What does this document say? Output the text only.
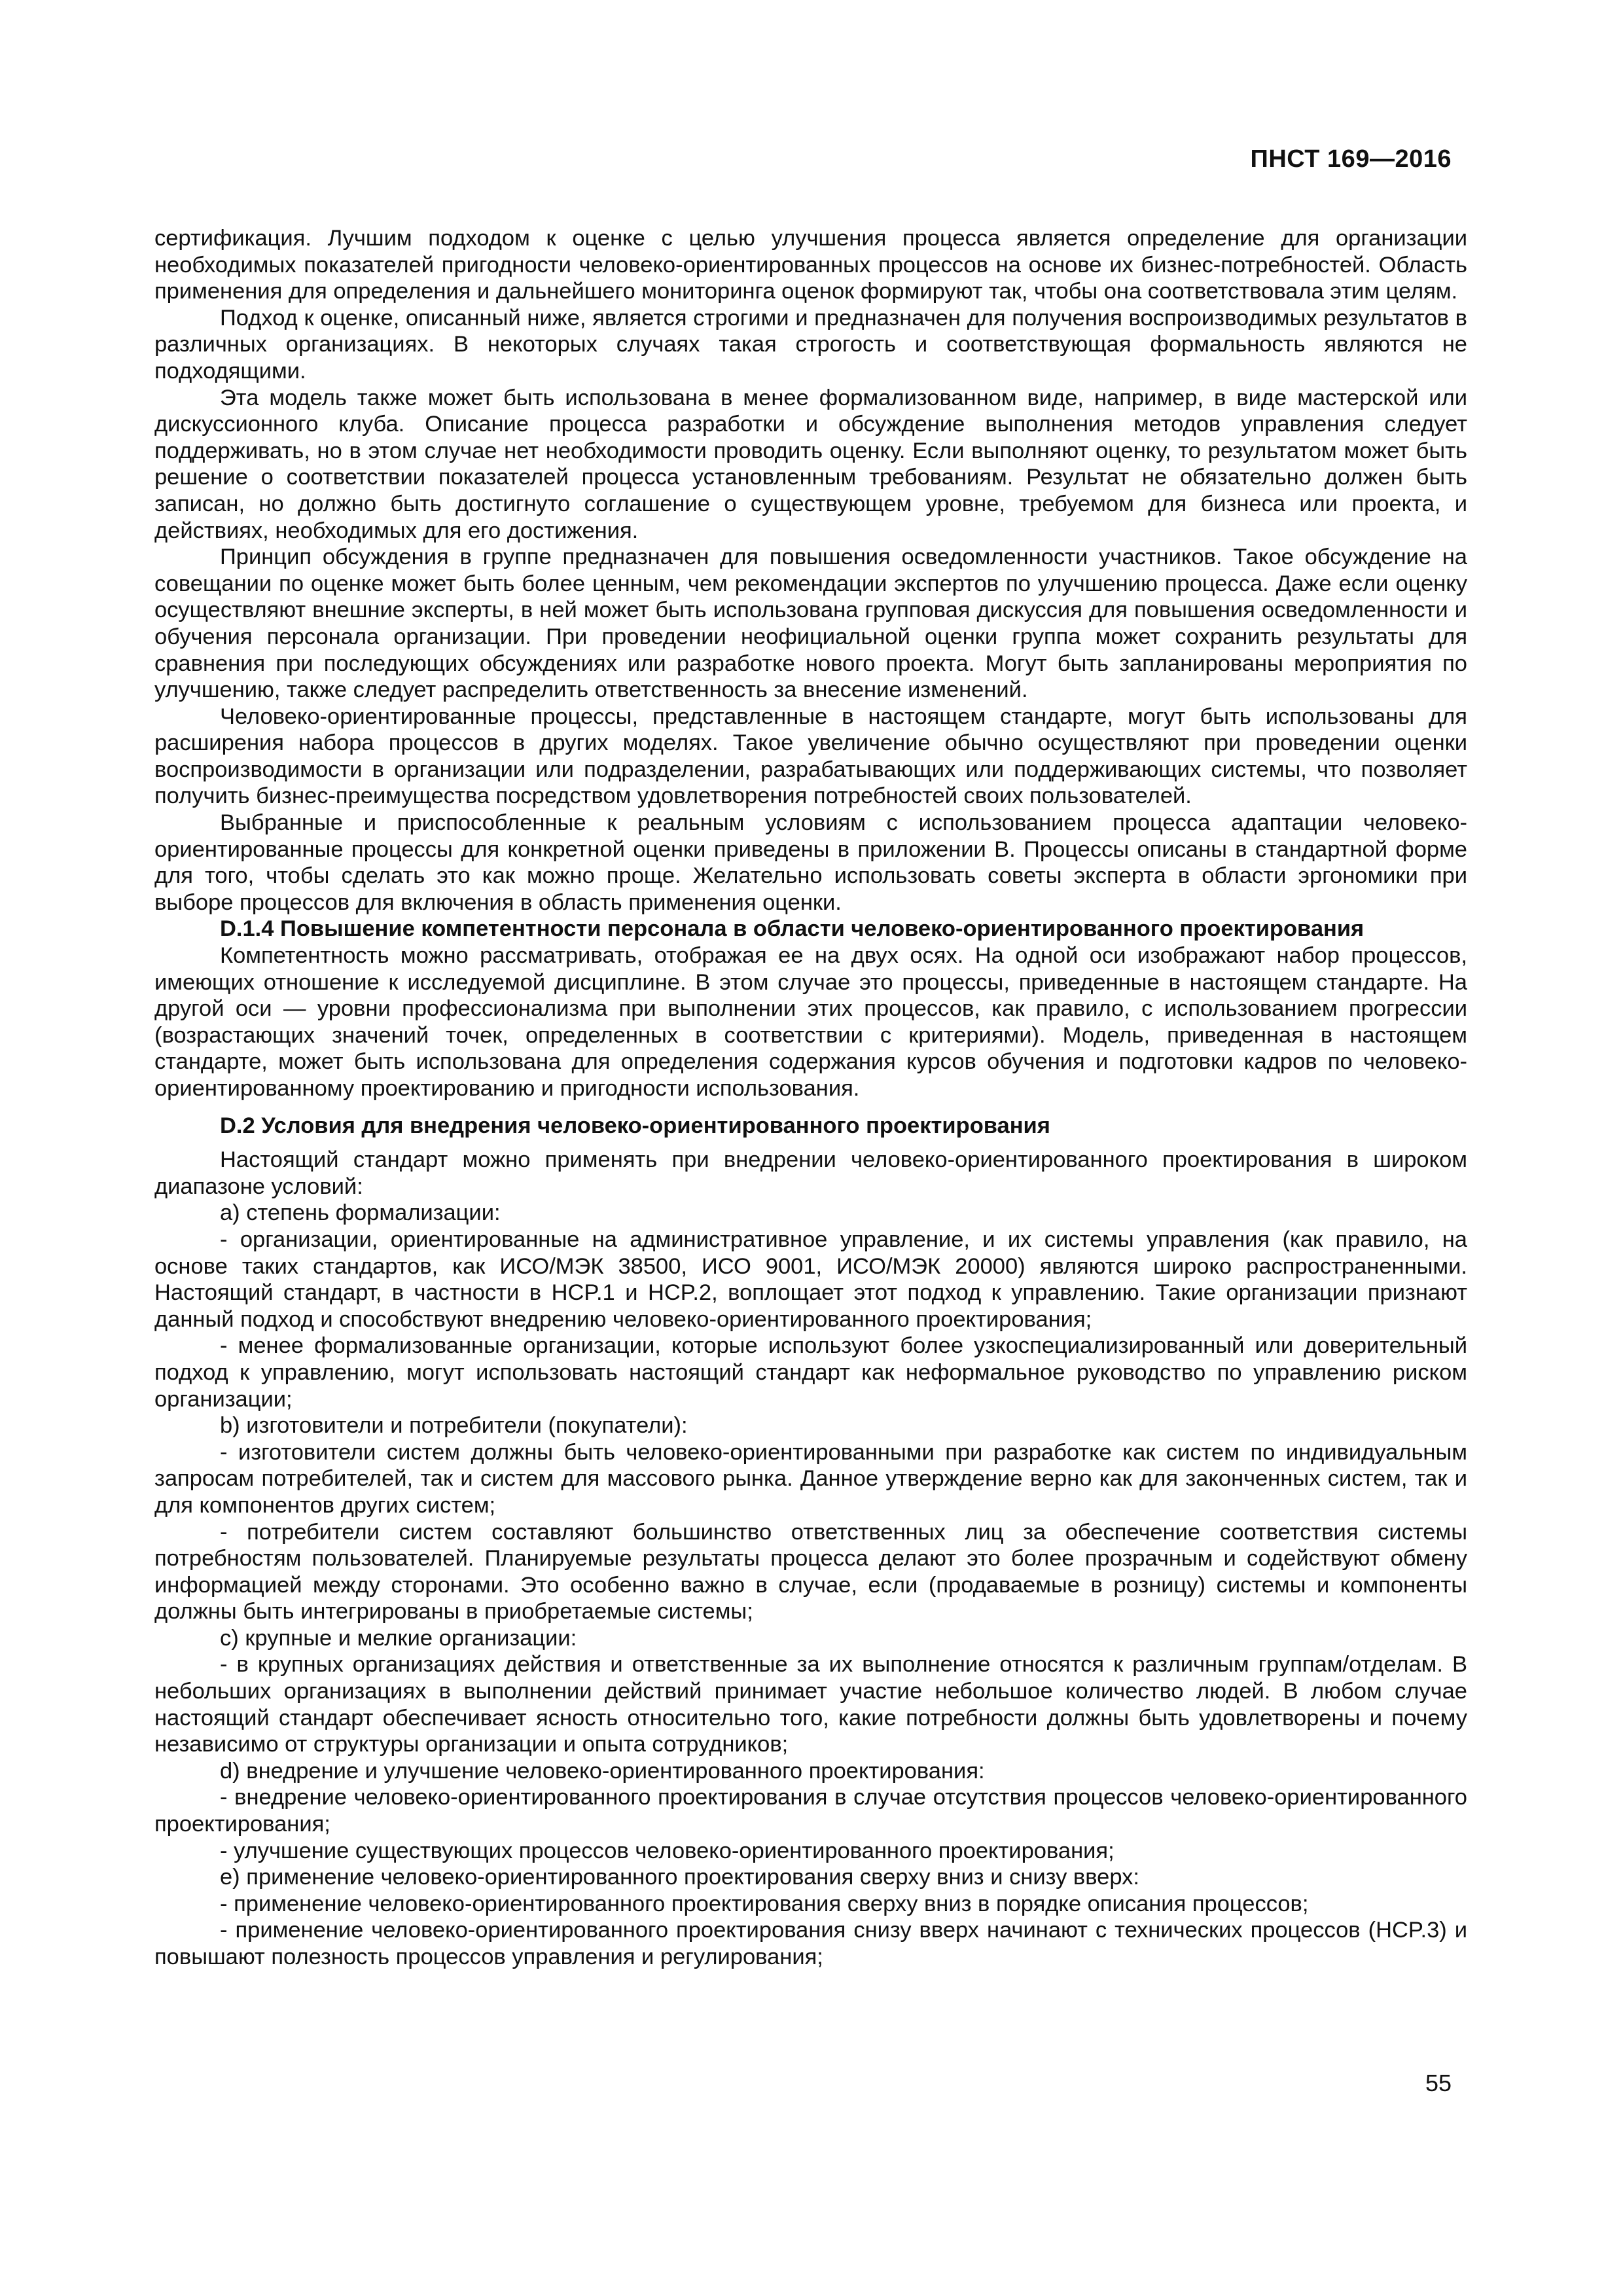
ПНСТ 169—2016

сертификация. Лучшим подходом к оценке с целью улучшения процесса является определение для организации необходимых показателей пригодности человеко-ориентированных процессов на основе их бизнес-потребностей. Область применения для определения и дальнейшего мониторинга оценок формируют так, чтобы она соответствовала этим целям.

Подход к оценке, описанный ниже, является строгими и предназначен для получения воспроизводимых результатов в различных организациях. В некоторых случаях такая строгость и соответствующая формальность являются не подходящими.

Эта модель также может быть использована в менее формализованном виде, например, в виде мастерской или дискуссионного клуба. Описание процесса разработки и обсуждение выполнения методов управления следует поддерживать, но в этом случае нет необходимости проводить оценку. Если выполняют оценку, то результатом может быть решение о соответствии показателей процесса установленным требованиям. Результат не обязательно должен быть записан, но должно быть достигнуто соглашение о существующем уровне, требуемом для бизнеса или проекта, и действиях, необходимых для его достижения.

Принцип обсуждения в группе предназначен для повышения осведомленности участников. Такое обсуждение на совещании по оценке может быть более ценным, чем рекомендации экспертов по улучшению процесса. Даже если оценку осуществляют внешние эксперты, в ней может быть использована групповая дискуссия для повышения осведомленности и обучения персонала организации. При проведении неофициальной оценки группа может сохранить результаты для сравнения при последующих обсуждениях или разработке нового проекта. Могут быть запланированы мероприятия по улучшению, также следует распределить ответственность за внесение изменений.

Человеко-ориентированные процессы, представленные в настоящем стандарте, могут быть использованы для расширения набора процессов в других моделях. Такое увеличение обычно осуществляют при проведении оценки воспроизводимости в организации или подразделении, разрабатывающих или поддерживающих системы, что позволяет получить бизнес-преимущества посредством удовлетворения потребностей своих пользователей.

Выбранные и приспособленные к реальным условиям с использованием процесса адаптации человеко-ориентированные процессы для конкретной оценки приведены в приложении В. Процессы описаны в стандартной форме для того, чтобы сделать это как можно проще. Желательно использовать советы эксперта в области эргономики при выборе процессов для включения в область применения оценки.

D.1.4 Повышение компетентности персонала в области человеко-ориентированного проектирования

Компетентность можно рассматривать, отображая ее на двух осях. На одной оси изображают набор процессов, имеющих отношение к исследуемой дисциплине. В этом случае это процессы, приведенные в настоящем стандарте. На другой оси — уровни профессионализма при выполнении этих процессов, как правило, с использованием прогрессии (возрастающих значений точек, определенных в соответствии с критериями). Модель, приведенная в настоящем стандарте, может быть использована для определения содержания курсов обучения и подготовки кадров по человеко-ориентированному проектированию и пригодности использования.

D.2 Условия для внедрения человеко-ориентированного проектирования

Настоящий стандарт можно применять при внедрении человеко-ориентированного проектирования в широком диапазоне условий:

а) степень формализации:

- организации, ориентированные на административное управление, и их системы управления (как правило, на основе таких стандартов, как ИСО/МЭК 38500, ИСО 9001, ИСО/МЭК 20000) являются широко распространенными. Настоящий стандарт, в частности в HCP.1 и HCP.2, воплощает этот подход к управлению. Такие организации признают данный подход и способствуют внедрению человеко-ориентированного проектирования;

- менее формализованные организации, которые используют более узкоспециализированный или доверительный подход к управлению, могут использовать настоящий стандарт как неформальное руководство по управлению риском организации;

b) изготовители и потребители (покупатели):

- изготовители систем должны быть человеко-ориентированными при разработке как систем по индивидуальным запросам потребителей, так и систем для массового рынка. Данное утверждение верно как для законченных систем, так и для компонентов других систем;

- потребители систем составляют большинство ответственных лиц за обеспечение соответствия системы потребностям пользователей. Планируемые результаты процесса делают это более прозрачным и содействуют обмену информацией между сторонами. Это особенно важно в случае, если (продаваемые в розницу) системы и компоненты должны быть интегрированы в приобретаемые системы;

с) крупные и мелкие организации:

- в крупных организациях действия и ответственные за их выполнение относятся к различным группам/отделам. В небольших организациях в выполнении действий принимает участие небольшое количество людей. В любом случае настоящий стандарт обеспечивает ясность относительно того, какие потребности должны быть удовлетворены и почему независимо от структуры организации и опыта сотрудников;

d) внедрение и улучшение человеко-ориентированного проектирования:

- внедрение человеко-ориентированного проектирования в случае отсутствия процессов человеко-ориентированного проектирования;

- улучшение существующих процессов человеко-ориентированного проектирования;

е) применение человеко-ориентированного проектирования сверху вниз и снизу вверх:

- применение человеко-ориентированного проектирования сверху вниз в порядке описания процессов;

- применение человеко-ориентированного проектирования снизу вверх начинают с технических процессов (HCP.3) и повышают полезность процессов управления и регулирования;

55
